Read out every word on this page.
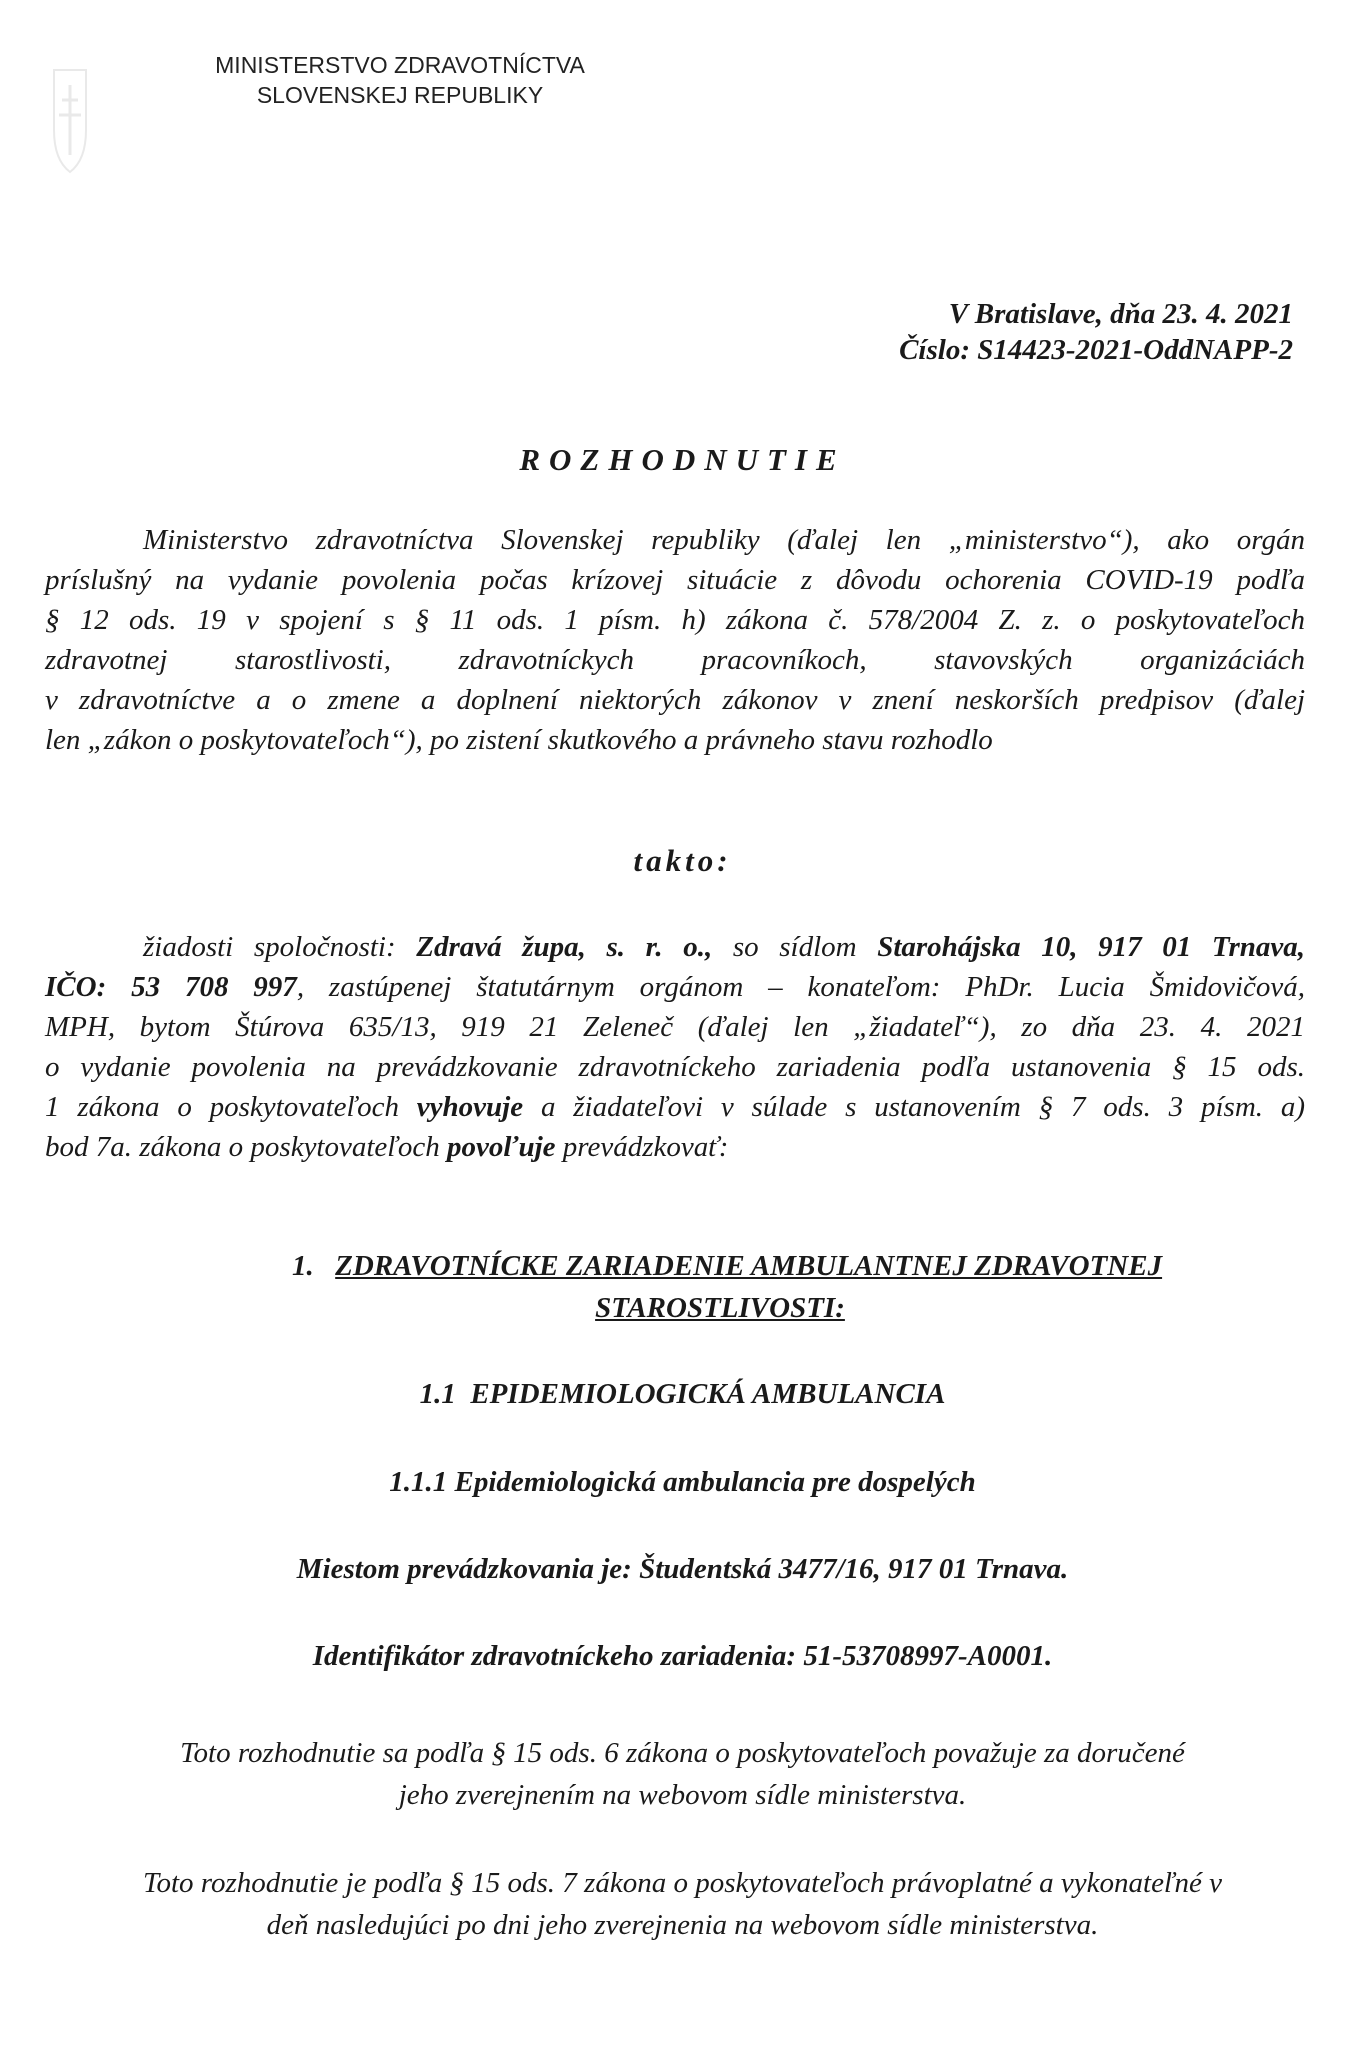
MINISTERSTVO ZDRAVOTNÍCTVA
SLOVENSKEJ REPUBLIKY
V Bratislave, dňa 23. 4. 2021
Číslo: S14423-2021-OddNAPP-2
ROZHODNUTIE
Ministerstvo zdravotníctva Slovenskej republiky (ďalej len „ministerstvo“), ako orgán
príslušný na vydanie povolenia počas krízovej situácie z dôvodu ochorenia COVID-19 podľa
§ 12 ods. 19 v spojení s § 11 ods. 1 písm. h) zákona č. 578/2004 Z. z. o poskytovateľoch
zdravotnej starostlivosti, zdravotníckych pracovníkoch, stavovských organizáciách
v zdravotníctve a o zmene a doplnení niektorých zákonov v znení neskorších predpisov (ďalej
len „zákon o poskytovateľoch“), po zistení skutkového a právneho stavu rozhodlo
takto:
žiadosti spoločnosti: Zdravá župa, s. r. o., so sídlom Starohájska 10, 917 01 Trnava,
IČO: 53 708 997, zastúpenej štatutárnym orgánom – konateľom: PhDr. Lucia Šmidovičová,
MPH, bytom Štúrova 635/13, 919 21 Zeleneč (ďalej len „žiadateľ“), zo dňa 23. 4. 2021
o vydanie povolenia na prevádzkovanie zdravotníckeho zariadenia podľa ustanovenia § 15 ods.
1 zákona o poskytovateľoch vyhovuje a žiadateľovi v súlade s ustanovením § 7 ods. 3 písm. a)
bod 7a. zákona o poskytovateľoch povoľuje prevádzkovať:
1. ZDRAVOTNÍCKE ZARIADENIE AMBULANTNEJ ZDRAVOTNEJ
STAROSTLIVOSTI:
1.1  EPIDEMIOLOGICKÁ AMBULANCIA
1.1.1 Epidemiologická ambulancia pre dospelých
Miestom prevádzkovania je: Študentská 3477/16, 917 01 Trnava.
Identifikátor zdravotníckeho zariadenia: 51-53708997-A0001.
Toto rozhodnutie sa podľa § 15 ods. 6 zákona o poskytovateľoch považuje za doručené
jeho zverejnením na webovom sídle ministerstva.
Toto rozhodnutie je podľa § 15 ods. 7 zákona o poskytovateľoch právoplatné a vykonateľné v
deň nasledujúci po dni jeho zverejnenia na webovom sídle ministerstva.
